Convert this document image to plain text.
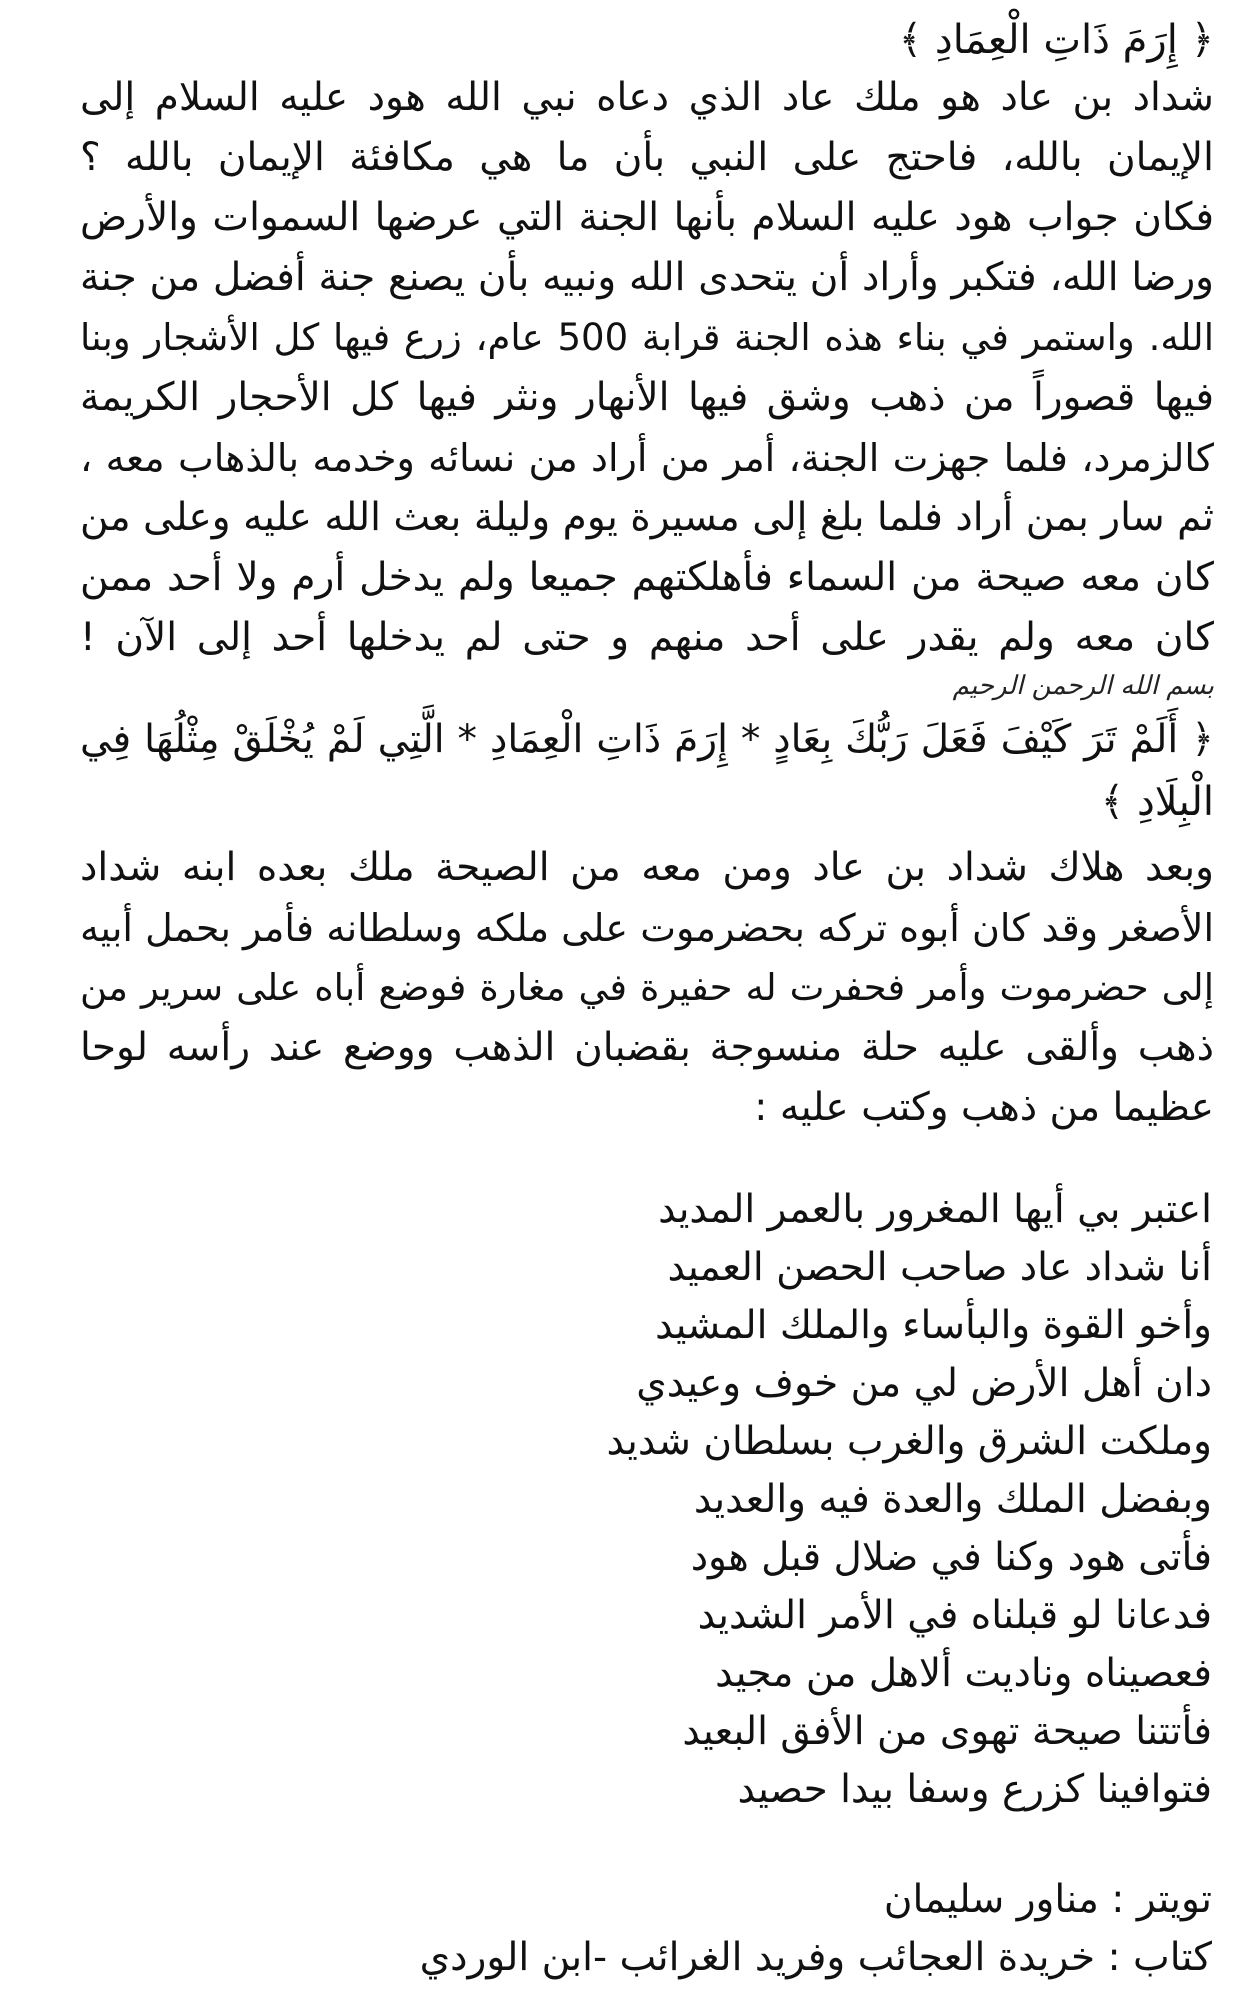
﴿ إِرَمَ ذَاتِ الْعِمَادِ ﴾
شداد بن عاد هو ملك عاد الذي دعاه نبي الله هود عليه السلام إلى
الإيمان بالله، فاحتج على النبي بأن ما هي مكافئة الإيمان بالله ؟
فكان جواب هود عليه السلام بأنها الجنة التي عرضها السموات والأرض
ورضا الله، فتكبر وأراد أن يتحدى الله ونبيه بأن يصنع جنة أفضل من جنة
الله. واستمر في بناء هذه الجنة قرابة 500 عام، زرع فيها كل الأشجار وبنا
فيها قصوراً من ذهب وشق فيها الأنهار ونثر فيها كل الأحجار الكريمة
كالزمرد، فلما جهزت الجنة، أمر من أراد من نسائه وخدمه بالذهاب معه ،
ثم سار بمن أراد فلما بلغ إلى مسيرة يوم وليلة بعث الله عليه وعلى من
كان معه صيحة من السماء فأهلكتهم جميعا ولم يدخل أرم ولا أحد ممن
كان معه ولم يقدر على أحد منهم و حتى لم يدخلها أحد إلى الآن !
بسم الله الرحمن الرحيم
﴿ أَلَمْ تَرَ كَيْفَ فَعَلَ رَبُّكَ بِعَادٍ * إِرَمَ ذَاتِ الْعِمَادِ * الَّتِي لَمْ يُخْلَقْ مِثْلُهَا فِي
الْبِلَادِ ﴾
وبعد هلاك شداد بن عاد ومن معه من الصيحة ملك بعده ابنه شداد
الأصغر وقد كان أبوه تركه بحضرموت على ملكه وسلطانه فأمر بحمل أبيه
إلى حضرموت وأمر فحفرت له حفيرة في مغارة فوضع أباه على سرير من
ذهب وألقى عليه حلة منسوجة بقضبان الذهب ووضع عند رأسه لوحا
عظيما من ذهب وكتب عليه :
اعتبر بي أيها المغرور بالعمر المديد
أنا شداد عاد صاحب الحصن العميد
وأخو القوة والبأساء والملك المشيد
دان أهل الأرض لي من خوف وعيدي
وملكت الشرق والغرب بسلطان شديد
وبفضل الملك والعدة فيه والعديد
فأتى هود وكنا في ضلال قبل هود
فدعانا لو قبلناه في الأمر الشديد
فعصيناه وناديت ألاهل من مجيد
فأتتنا صيحة تهوى من الأفق البعيد
فتوافينا كزرع وسفا بيدا حصيد
تويتر : مناور سليمان
كتاب : خريدة العجائب وفريد الغرائب -ابن الوردي
